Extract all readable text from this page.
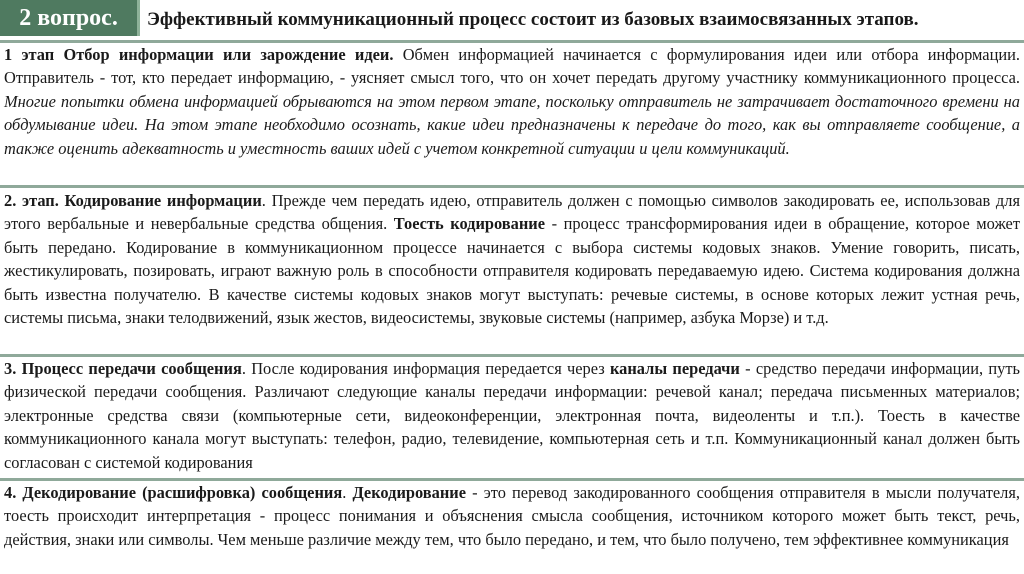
2 вопрос.	Эффективный коммуникационный процесс состоит из базовых взаимосвязанных этапов.
1 этап Отбор информации или зарождение идеи. Обмен информацией начинается с формулирования идеи или отбора информации. Отправитель - тот, кто передает информацию, - уясняет смысл того, что он хочет передать другому участнику коммуникационного процесса. Многие попытки обмена информацией обрываются на этом первом этапе, поскольку отправитель не затрачивает достаточного времени на обдумывание идеи. На этом этапе необходимо осознать, какие идеи предназначены к передаче до того, как вы отправляете сообщение, а также оценить адекватность и уместность ваших идей с учетом конкретной ситуации и цели коммуникаций.
2. этап. Кодирование информации. Прежде чем передать идею, отправитель должен с помощью символов закодировать ее, использовав для этого вербальные и невербальные средства общения. Тоесть кодирование - процесс трансформирования идеи в обращение, которое может быть передано. Кодирование в коммуникационном процессе начинается с выбора системы кодовых знаков. Умение говорить, писать, жестикулировать, позировать, играют важную роль в способности отправителя кодировать передаваемую идею. Система кодирования должна быть известна получателю. В качестве системы кодовых знаков могут выступать: речевые системы, в основе которых лежит устная речь, системы письма, знаки телодвижений, язык жестов, видеосистемы, звуковые системы (например, азбука Морзе) и т.д.
3. Процесс передачи сообщения. После кодирования информация передается через каналы передачи - средство передачи информации, путь физической передачи сообщения. Различают следующие каналы передачи информации: речевой канал; передача письменных материалов; электронные средства связи (компьютерные сети, видеоконференции, электронная почта, видеоленты и т.п.). Тоесть в качестве коммуникационного канала могут выступать: телефон, радио, телевидение, компьютерная сеть и т.п. Коммуникационный канал должен быть согласован с системой кодирования
4. Декодирование (расшифровка) сообщения. Декодирование - это перевод закодированного сообщения отправителя в мысли получателя, тоесть происходит интерпретация - процесс понимания и объяснения смысла сообщения, источником которого может быть текст, речь, действия, знаки или символы. Чем меньше различие между тем, что было передано, и тем, что было получено, тем эффективнее коммуникация
